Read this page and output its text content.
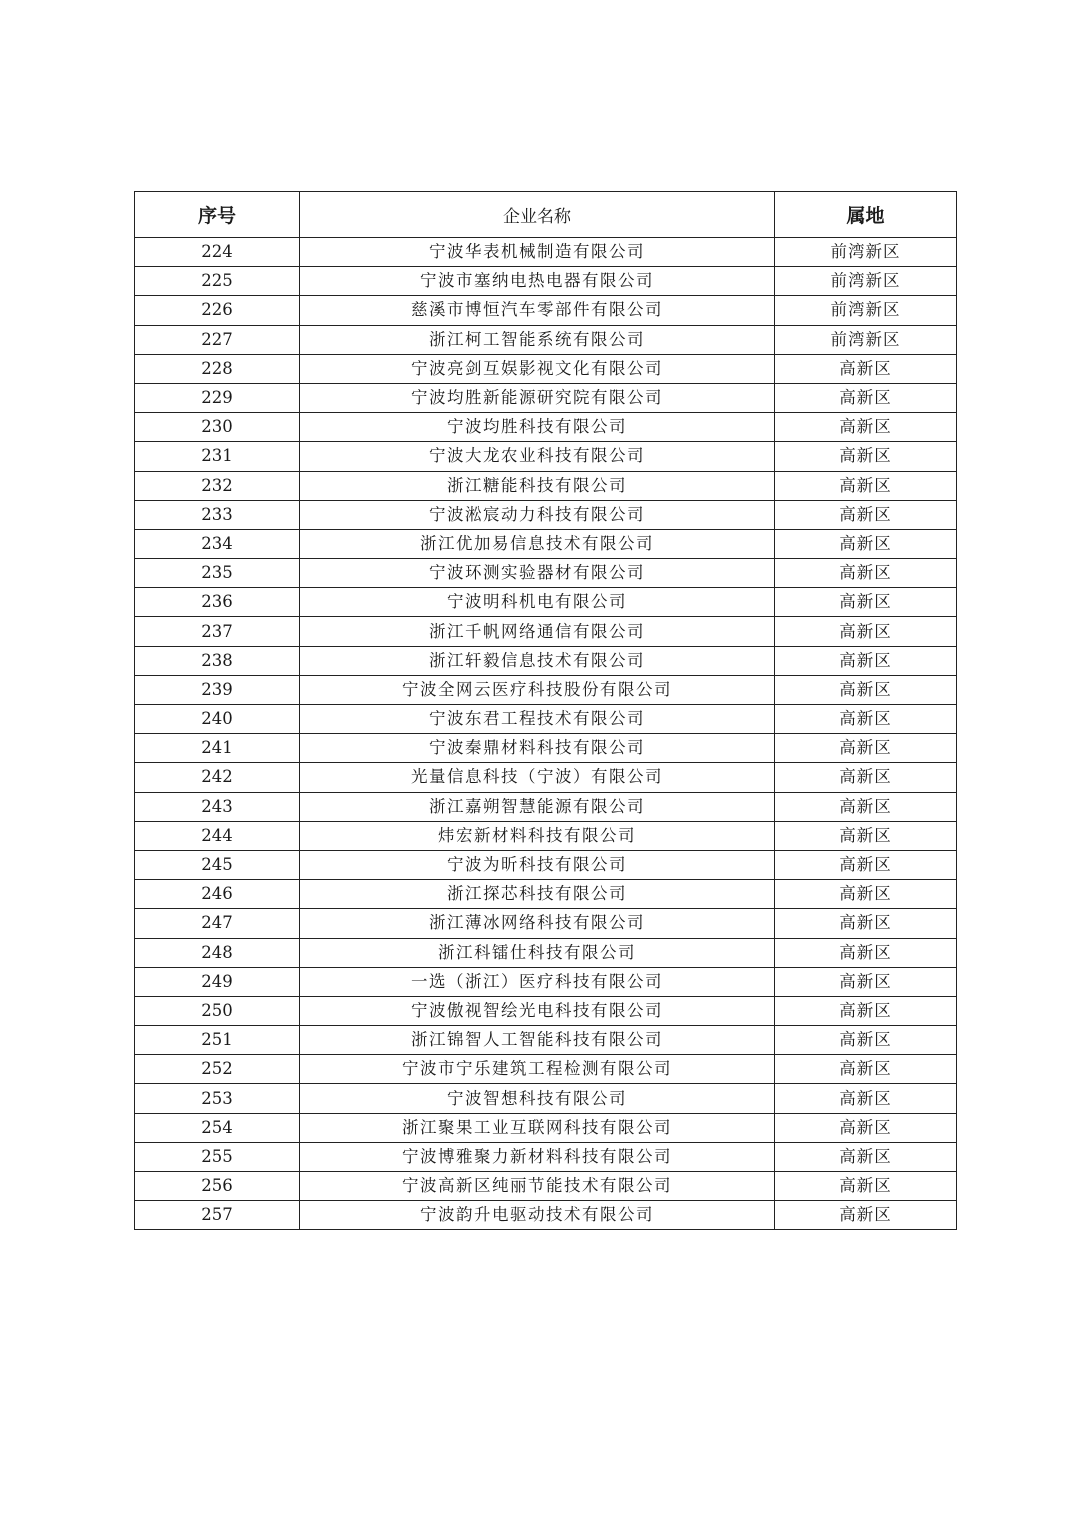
序号	企业名称	属地
224	宁波华表机械制造有限公司	前湾新区
225	宁波市塞纳电热电器有限公司	前湾新区
226	慈溪市博恒汽车零部件有限公司	前湾新区
227	浙江柯工智能系统有限公司	前湾新区
228	宁波亮剑互娱影视文化有限公司	高新区
229	宁波均胜新能源研究院有限公司	高新区
230	宁波均胜科技有限公司	高新区
231	宁波大龙农业科技有限公司	高新区
232	浙江糖能科技有限公司	高新区
233	宁波淞宸动力科技有限公司	高新区
234	浙江优加易信息技术有限公司	高新区
235	宁波环测实验器材有限公司	高新区
236	宁波明科机电有限公司	高新区
237	浙江千帆网络通信有限公司	高新区
238	浙江轩毅信息技术有限公司	高新区
239	宁波全网云医疗科技股份有限公司	高新区
240	宁波东君工程技术有限公司	高新区
241	宁波秦鼎材料科技有限公司	高新区
242	光量信息科技（宁波）有限公司	高新区
243	浙江嘉朔智慧能源有限公司	高新区
244	炜宏新材料科技有限公司	高新区
245	宁波为昕科技有限公司	高新区
246	浙江探芯科技有限公司	高新区
247	浙江薄冰网络科技有限公司	高新区
248	浙江科镭仕科技有限公司	高新区
249	一选（浙江）医疗科技有限公司	高新区
250	宁波傲视智绘光电科技有限公司	高新区
251	浙江锦智人工智能科技有限公司	高新区
252	宁波市宁乐建筑工程检测有限公司	高新区
253	宁波智想科技有限公司	高新区
254	浙江聚果工业互联网科技有限公司	高新区
255	宁波博雅聚力新材料科技有限公司	高新区
256	宁波高新区纯丽节能技术有限公司	高新区
257	宁波韵升电驱动技术有限公司	高新区
